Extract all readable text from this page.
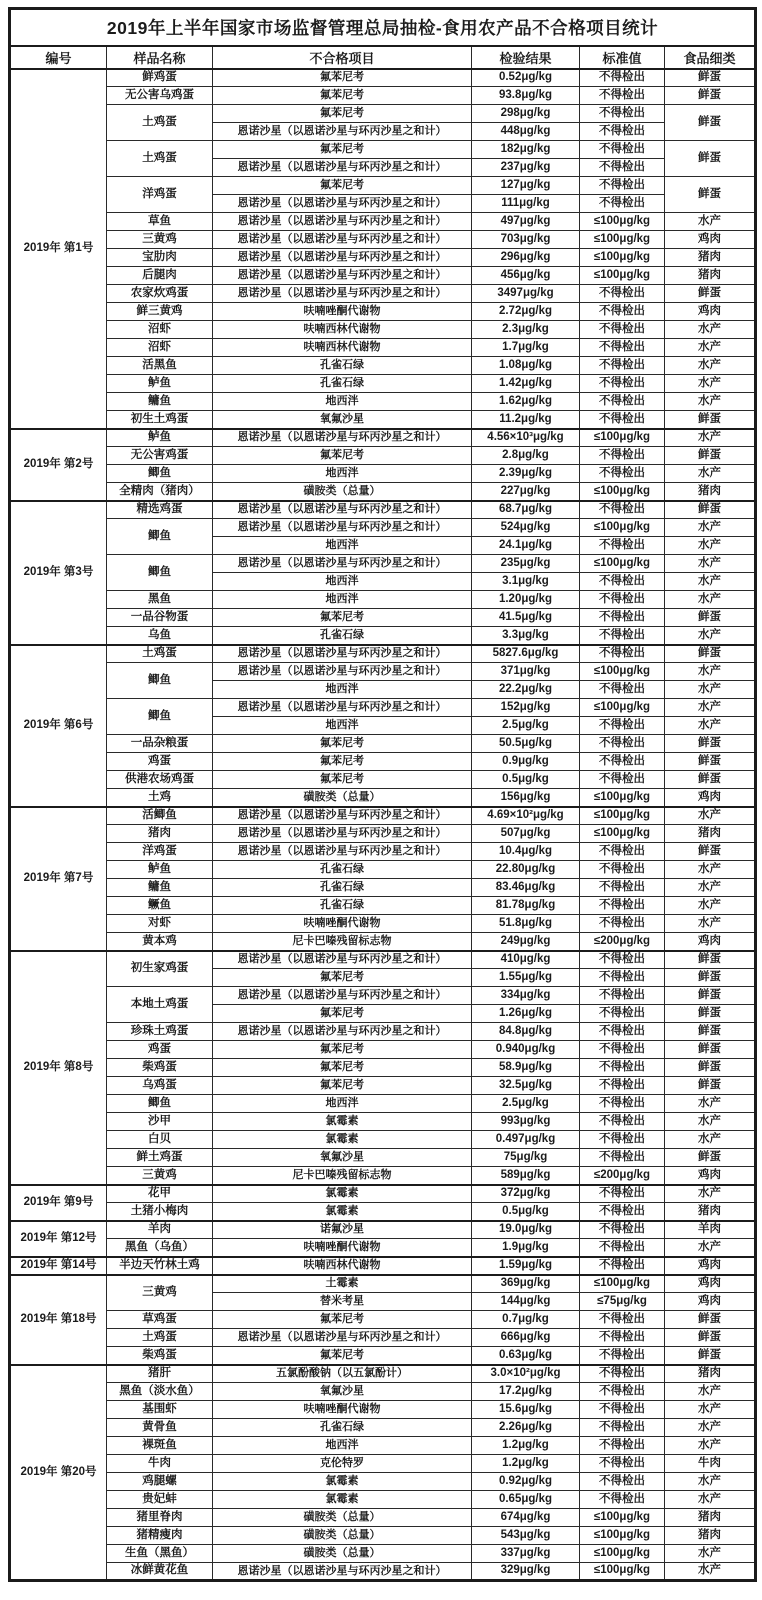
2019年上半年国家市场监督管理总局抽检-食用农产品不合格项目统计					
编号	样品名称	不合格项目	检验结果	标准值	食品细类
2019年 第1号	鲜鸡蛋	氟苯尼考	0.52μg/kg	不得检出	鲜蛋
	无公害乌鸡蛋	氟苯尼考	93.8μg/kg	不得检出	鲜蛋
	土鸡蛋	氟苯尼考	298μg/kg	不得检出	鲜蛋
		恩诺沙星（以恩诺沙星与环丙沙星之和计）	448μg/kg	不得检出	
	土鸡蛋	氟苯尼考	182μg/kg	不得检出	鲜蛋
		恩诺沙星（以恩诺沙星与环丙沙星之和计）	237μg/kg	不得检出	
	洋鸡蛋	氟苯尼考	127μg/kg	不得检出	鲜蛋
		恩诺沙星（以恩诺沙星与环丙沙星之和计）	111μg/kg	不得检出	
	草鱼	恩诺沙星（以恩诺沙星与环丙沙星之和计）	497μg/kg	≤100μg/kg	水产
	三黄鸡	恩诺沙星（以恩诺沙星与环丙沙星之和计）	703μg/kg	≤100μg/kg	鸡肉
	宝肋肉	恩诺沙星（以恩诺沙星与环丙沙星之和计）	296μg/kg	≤100μg/kg	猪肉
	后腿肉	恩诺沙星（以恩诺沙星与环丙沙星之和计）	456μg/kg	≤100μg/kg	猪肉
	农家炊鸡蛋	恩诺沙星（以恩诺沙星与环丙沙星之和计）	3497μg/kg	不得检出	鲜蛋
	鲜三黄鸡	呋喃唑酮代谢物	2.72μg/kg	不得检出	鸡肉
	沼虾	呋喃西林代谢物	2.3μg/kg	不得检出	水产
	沼虾	呋喃西林代谢物	1.7μg/kg	不得检出	水产
	活黑鱼	孔雀石绿	1.08μg/kg	不得检出	水产
	鲈鱼	孔雀石绿	1.42μg/kg	不得检出	水产
	鳙鱼	地西泮	1.62μg/kg	不得检出	水产
	初生土鸡蛋	氧氟沙星	11.2μg/kg	不得检出	鲜蛋
2019年 第2号	鲈鱼	恩诺沙星（以恩诺沙星与环丙沙星之和计）	4.56×10³μg/kg	≤100μg/kg	水产
	无公害鸡蛋	氟苯尼考	2.8μg/kg	不得检出	鲜蛋
	鲫鱼	地西泮	2.39μg/kg	不得检出	水产
	全精肉（猪肉）	磺胺类（总量）	227μg/kg	≤100μg/kg	猪肉
2019年 第3号	精选鸡蛋	恩诺沙星（以恩诺沙星与环丙沙星之和计）	68.7μg/kg	不得检出	鲜蛋
	鲫鱼	恩诺沙星（以恩诺沙星与环丙沙星之和计）	524μg/kg	≤100μg/kg	水产
		地西泮	24.1μg/kg	不得检出	水产
	鲫鱼	恩诺沙星（以恩诺沙星与环丙沙星之和计）	235μg/kg	≤100μg/kg	水产
		地西泮	3.1μg/kg	不得检出	水产
	黑鱼	地西泮	1.20μg/kg	不得检出	水产
	一品谷物蛋	氟苯尼考	41.5μg/kg	不得检出	鲜蛋
	乌鱼	孔雀石绿	3.3μg/kg	不得检出	水产
2019年 第6号	土鸡蛋	恩诺沙星（以恩诺沙星与环丙沙星之和计）	5827.6μg/kg	不得检出	鲜蛋
	鲫鱼	恩诺沙星（以恩诺沙星与环丙沙星之和计）	371μg/kg	≤100μg/kg	水产
		地西泮	22.2μg/kg	不得检出	水产
	鲫鱼	恩诺沙星（以恩诺沙星与环丙沙星之和计）	152μg/kg	≤100μg/kg	水产
		地西泮	2.5μg/kg	不得检出	水产
	一品杂粮蛋	氟苯尼考	50.5μg/kg	不得检出	鲜蛋
	鸡蛋	氟苯尼考	0.9μg/kg	不得检出	鲜蛋
	供港农场鸡蛋	氟苯尼考	0.5μg/kg	不得检出	鲜蛋
	土鸡	磺胺类（总量）	156μg/kg	≤100μg/kg	鸡肉
2019年 第7号	活鲫鱼	恩诺沙星（以恩诺沙星与环丙沙星之和计）	4.69×10²μg/kg	≤100μg/kg	水产
	猪肉	恩诺沙星（以恩诺沙星与环丙沙星之和计）	507μg/kg	≤100μg/kg	猪肉
	洋鸡蛋	恩诺沙星（以恩诺沙星与环丙沙星之和计）	10.4μg/kg	不得检出	鲜蛋
	鲈鱼	孔雀石绿	22.80μg/kg	不得检出	水产
	鳙鱼	孔雀石绿	83.46μg/kg	不得检出	水产
	鳜鱼	孔雀石绿	81.78μg/kg	不得检出	水产
	对虾	呋喃唑酮代谢物	51.8μg/kg	不得检出	水产
	黄本鸡	尼卡巴嗪残留标志物	249μg/kg	≤200μg/kg	鸡肉
2019年 第8号	初生家鸡蛋	恩诺沙星（以恩诺沙星与环丙沙星之和计）	410μg/kg	不得检出	鲜蛋
		氟苯尼考	1.55μg/kg	不得检出	鲜蛋
	本地土鸡蛋	恩诺沙星（以恩诺沙星与环丙沙星之和计）	334μg/kg	不得检出	鲜蛋
		氟苯尼考	1.26μg/kg	不得检出	鲜蛋
	珍珠土鸡蛋	恩诺沙星（以恩诺沙星与环丙沙星之和计）	84.8μg/kg	不得检出	鲜蛋
	鸡蛋	氟苯尼考	0.940μg/kg	不得检出	鲜蛋
	柴鸡蛋	氟苯尼考	58.9μg/kg	不得检出	鲜蛋
	乌鸡蛋	氟苯尼考	32.5μg/kg	不得检出	鲜蛋
	鲫鱼	地西泮	2.5μg/kg	不得检出	水产
	沙甲	氯霉素	993μg/kg	不得检出	水产
	白贝	氯霉素	0.497μg/kg	不得检出	水产
	鲜土鸡蛋	氧氟沙星	75μg/kg	不得检出	鲜蛋
	三黄鸡	尼卡巴嗪残留标志物	589μg/kg	≤200μg/kg	鸡肉
2019年 第9号	花甲	氯霉素	372μg/kg	不得检出	水产
	土猪小梅肉	氯霉素	0.5μg/kg	不得检出	猪肉
2019年 第12号	羊肉	诺氟沙星	19.0μg/kg	不得检出	羊肉
	黑鱼（乌鱼）	呋喃唑酮代谢物	1.9μg/kg	不得检出	水产
2019年 第14号	半边天竹林土鸡	呋喃西林代谢物	1.59μg/kg	不得检出	鸡肉
2019年 第18号	三黄鸡	土霉素	369μg/kg	≤100μg/kg	鸡肉
		替米考星	144μg/kg	≤75μg/kg	鸡肉
	草鸡蛋	氟苯尼考	0.7μg/kg	不得检出	鲜蛋
	土鸡蛋	恩诺沙星（以恩诺沙星与环丙沙星之和计）	666μg/kg	不得检出	鲜蛋
	柴鸡蛋	氟苯尼考	0.63μg/kg	不得检出	鲜蛋
2019年 第20号	猪肝	五氯酚酸钠（以五氯酚计）	3.0×10²μg/kg	不得检出	猪肉
	黑鱼（淡水鱼）	氧氟沙星	17.2μg/kg	不得检出	水产
	基围虾	呋喃唑酮代谢物	15.6μg/kg	不得检出	水产
	黄骨鱼	孔雀石绿	2.26μg/kg	不得检出	水产
	裸斑鱼	地西泮	1.2μg/kg	不得检出	水产
	牛肉	克伦特罗	1.2μg/kg	不得检出	牛肉
	鸡腿螺	氯霉素	0.92μg/kg	不得检出	水产
	贵妃蚌	氯霉素	0.65μg/kg	不得检出	水产
	猪里脊肉	磺胺类（总量）	674μg/kg	≤100μg/kg	猪肉
	猪精瘦肉	磺胺类（总量）	543μg/kg	≤100μg/kg	猪肉
	生鱼（黑鱼）	磺胺类（总量）	337μg/kg	≤100μg/kg	水产
	冰鲜黄花鱼	恩诺沙星（以恩诺沙星与环丙沙星之和计）	329μg/kg	≤100μg/kg	水产
